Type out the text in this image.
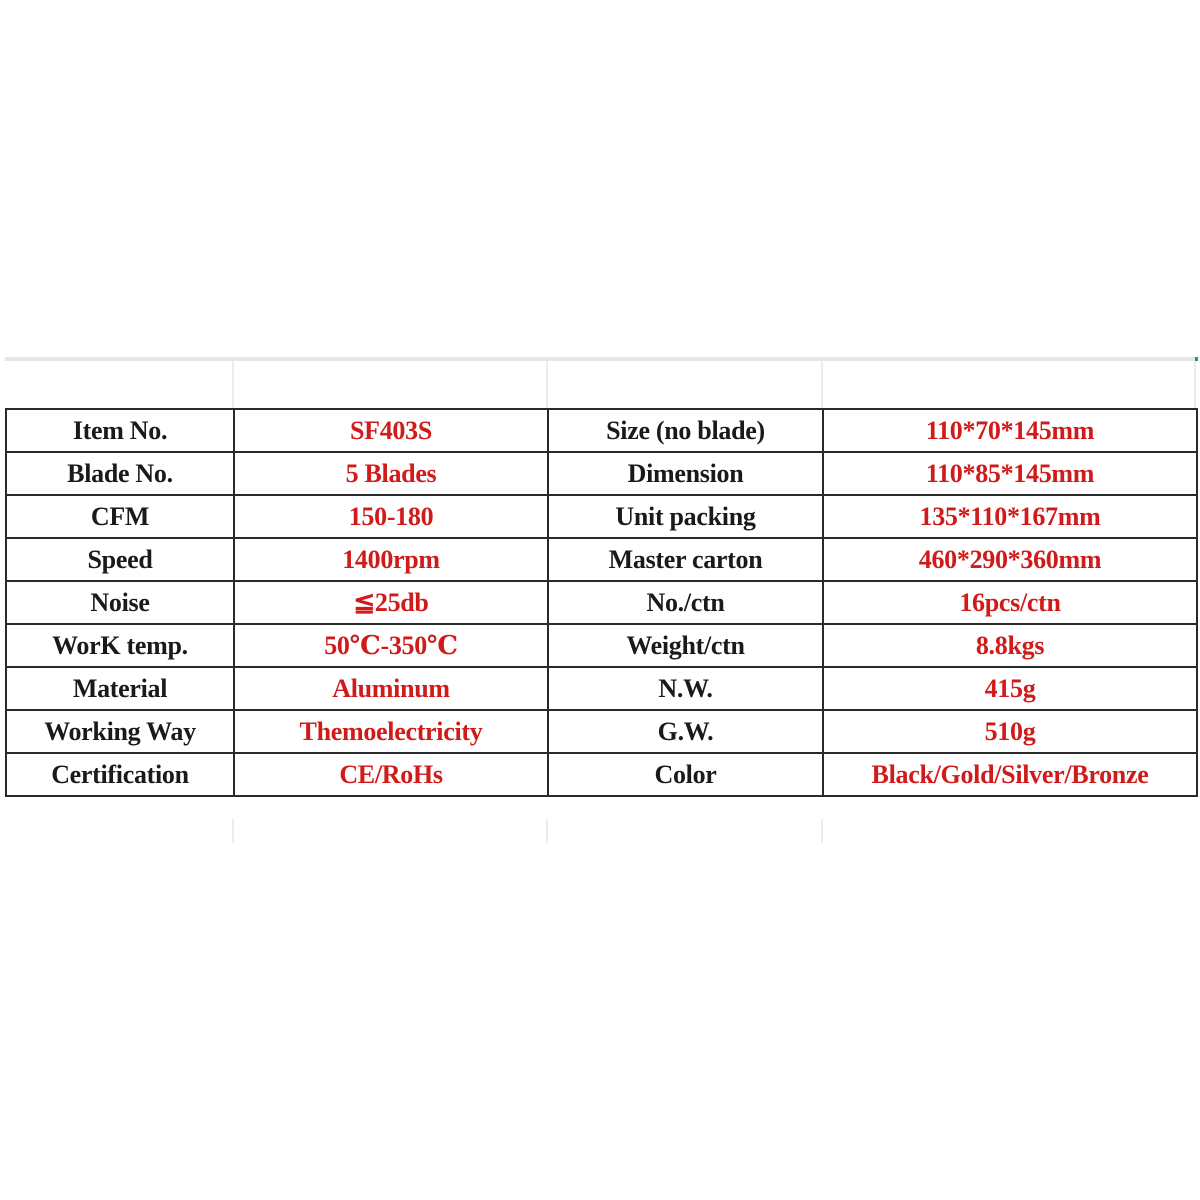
Item No.	SF403S	Size (no blade)	110*70*145mm
Blade No.	5 Blades	Dimension	110*85*145mm
CFM	150-180	Unit packing	135*110*167mm
Speed	1400rpm	Master carton	460*290*360mm
Noise	≦25db	No./ctn	16pcs/ctn
WorK temp.	50℃-350℃	Weight/ctn	8.8kgs
Material	Aluminum	N.W.	415g
Working Way	Themoelectricity	G.W.	510g
Certification	CE/RoHs	Color	Black/Gold/Silver/Bronze
